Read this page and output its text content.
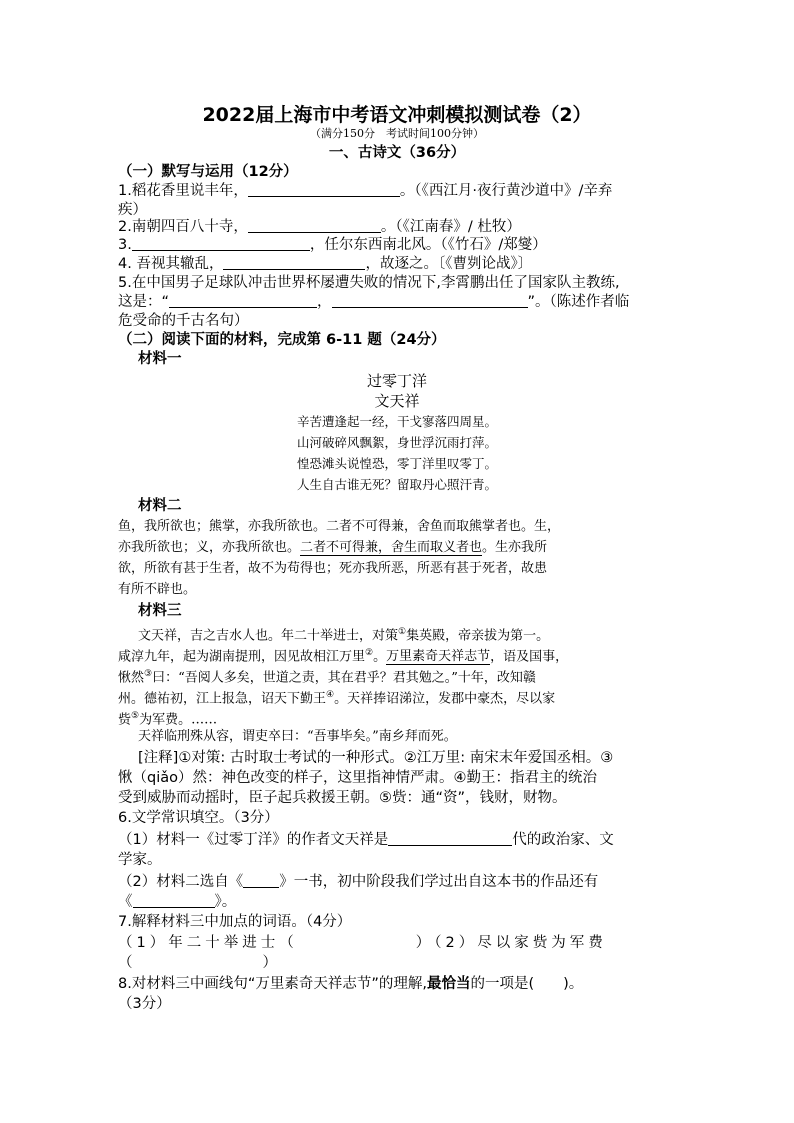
2022届上海市中考语文冲刺模拟测试卷（2）
（满分150分　考试时间100分钟）
一、古诗文（36分）
（一）默写与运用（12分）
1.稻花香里说丰年，	。（《西江月·夜行黄沙道中》/辛弃
疾）
2.南朝四百八十寺，	。（《江南春》/ 杜牧）
3.	，任尔东西南北风。（《竹石》/郑燮）
4. 吾视其辙乱，	，故逐之。〔《曹刿论战》〕
5.在中国男子足球队冲击世界杯屡遭失败的情况下,李霄鹏出任了国家队主教练,
这是：“	，	”。（陈述作者临
危受命的千古名句）
（二）阅读下面的材料，完成第 6-11 题（24分）
材料一
过零丁洋
文天祥
辛苦遭逢起一经，干戈寥落四周星。
山河破碎风飘絮，身世浮沉雨打萍。
惶恐滩头说惶恐，零丁洋里叹零丁。
人生自古谁无死？留取丹心照汗青。
材料二
鱼，我所欲也；熊掌，亦我所欲也。二者不可得兼，舍鱼而取熊掌者也。生，
亦我所欲也；义，亦我所欲也。二者不可得兼，舍生而取义者也。生亦我所
欲，所欲有甚于生者，故不为苟得也；死亦我所恶，所恶有甚于死者，故患
有所不辟也。
材料三
文天祥，吉之吉水人也。年二十举进士，对策①集英殿，帝亲拔为第一。
咸淳九年，起为湖南提刑，因见故相江万里②。万里素奇天祥志节，语及国事，
愀然③曰：“吾阅人多矣，世道之责，其在君乎？君其勉之。”十年，改知赣
州。德祐初，江上报急，诏天下勤王④。天祥捧诏涕泣，发郡中豪杰，尽以家
赀⑤为军费。……
天祥临刑殊从容，谓吏卒曰：“吾事毕矣。”南乡拜而死。
[注释]①对策: 古时取士考试的一种形式。②江万里: 南宋末年爱国丞相。③
愀（qiǎo）然：神色改变的样子，这里指神情严肃。④勤王：指君主的统治
受到威胁而动摇时，臣子起兵救援王朝。⑤赀：通“资”，钱财，财物。
6.文学常识填空。（3分）
（1）材料一《过零丁洋》的作者文天祥是	代的政治家、文
学家。
（2）材料二选自《 》一书，初中阶段我们学过出自这本书的作品还有
《	》。
7.解释材料三中加点的词语。（4分）
（1）年二十举进士（	）（2）尽以家赀为军费
（	）
8.对材料三中画线句“万里素奇天祥志节”的理解,最恰当的一项是(　　)。
（3分）
